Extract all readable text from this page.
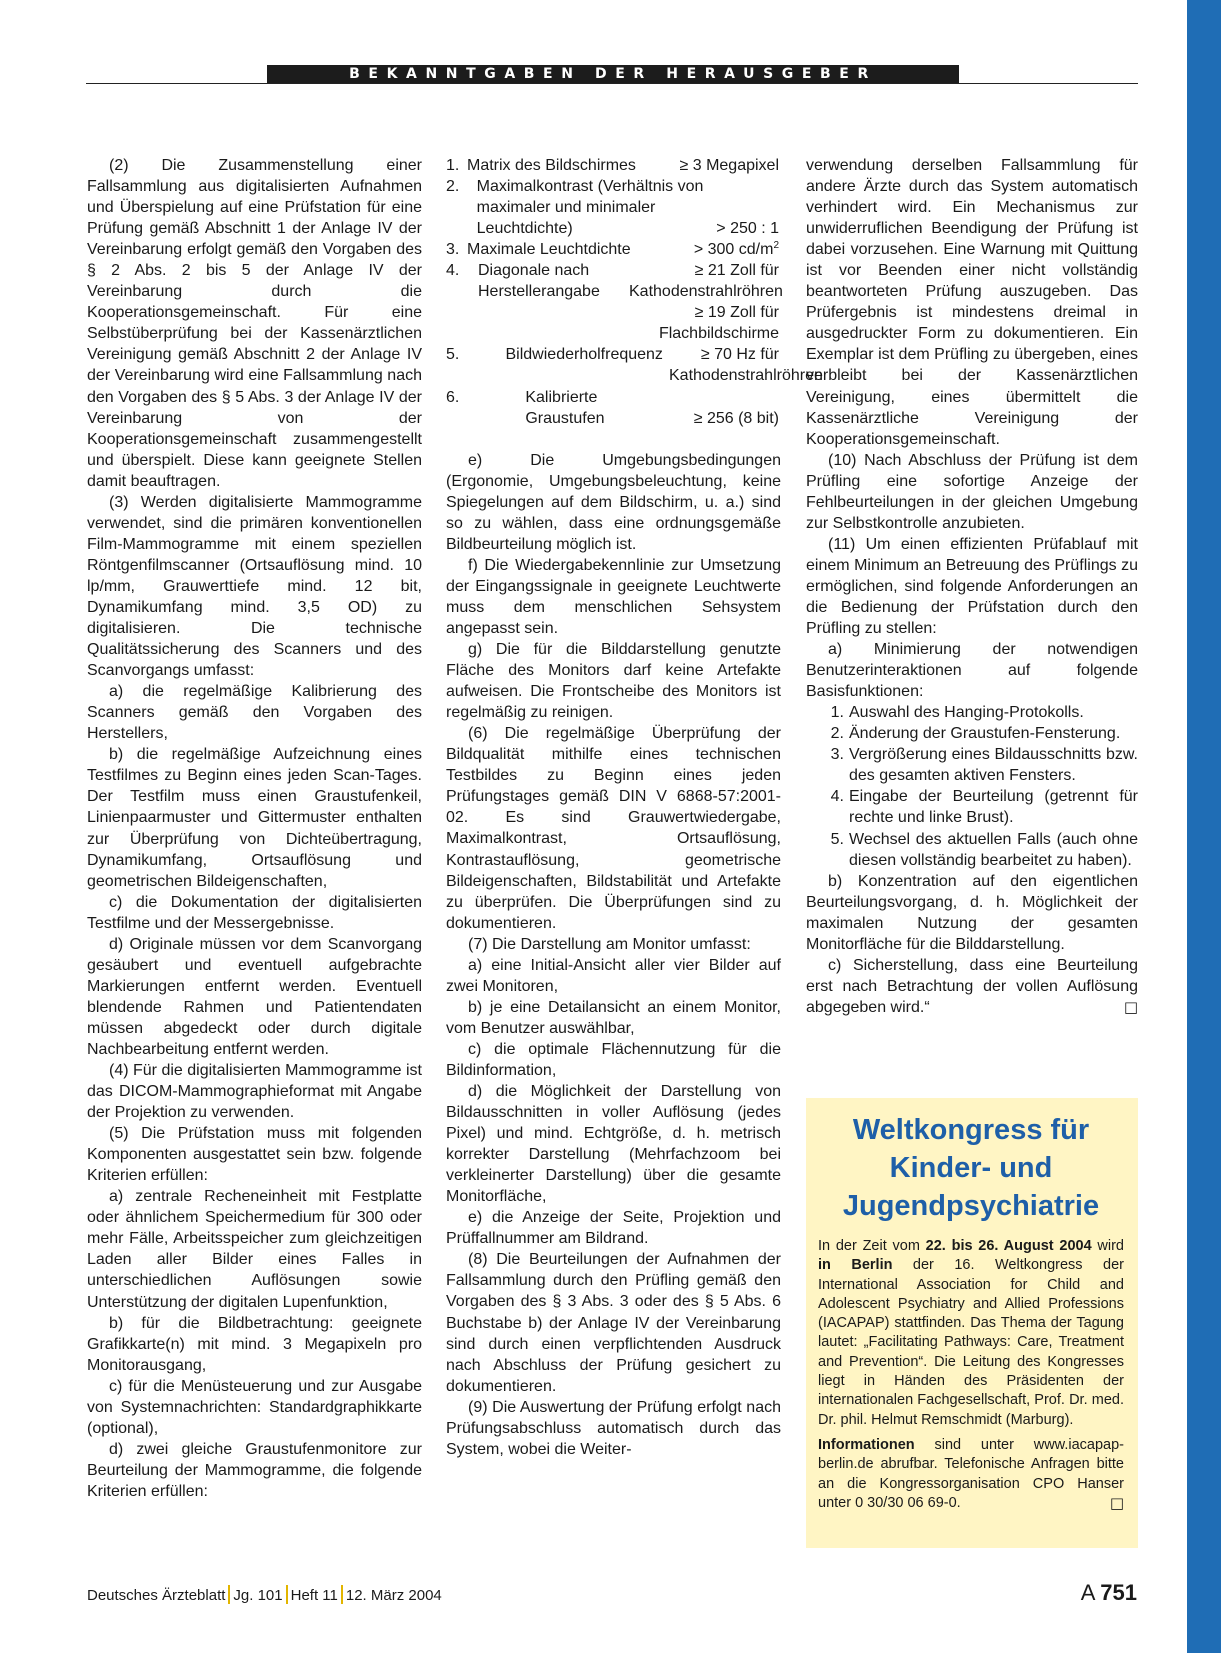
BEKANNTGABEN DER HERAUSGEBER

(2) Die Zusammenstellung einer Fallsammlung aus digitalisierten Aufnahmen und Überspielung auf eine Prüfstation für eine Prüfung gemäß Abschnitt 1 der Anlage IV der Vereinbarung erfolgt gemäß den Vorgaben des § 2 Abs. 2 bis 5 der Anlage IV der Vereinbarung durch die Kooperationsgemeinschaft. Für eine Selbstüberprüfung bei der Kassenärztlichen Vereinigung gemäß Abschnitt 2 der Anlage IV der Vereinbarung wird eine Fallsammlung nach den Vorgaben des § 5 Abs. 3 der Anlage IV der Vereinbarung von der Kooperationsgemeinschaft zusammengestellt und überspielt. Diese kann geeignete Stellen damit beauftragen.

(3) Werden digitalisierte Mammogramme verwendet, sind die primären konventionellen Film-Mammogramme mit einem speziellen Röntgenfilmscanner (Ortsauflösung mind. 10 lp/mm, Grauwerttiefe mind. 12 bit, Dynamikumfang mind. 3,5 OD) zu digitalisieren. Die technische Qualitätssicherung des Scanners und des Scanvorgangs umfasst:

a) die regelmäßige Kalibrierung des Scanners gemäß den Vorgaben des Herstellers,

b) die regelmäßige Aufzeichnung eines Testfilmes zu Beginn eines jeden Scan-Tages. Der Testfilm muss einen Graustufenkeil, Linienpaarmuster und Gittermuster enthalten zur Überprüfung von Dichteübertragung, Dynamikumfang, Ortsauflösung und geometrischen Bildeigenschaften,

c) die Dokumentation der digitalisierten Testfilme und der Messergebnisse.

d) Originale müssen vor dem Scanvorgang gesäubert und eventuell aufgebrachte Markierungen entfernt werden. Eventuell blendende Rahmen und Patientendaten müssen abgedeckt oder durch digitale Nachbearbeitung entfernt werden.

(4) Für die digitalisierten Mammogramme ist das DICOM-Mammographieformat mit Angabe der Projektion zu verwenden.

(5) Die Prüfstation muss mit folgenden Komponenten ausgestattet sein bzw. folgende Kriterien erfüllen:

a) zentrale Recheneinheit mit Festplatte oder ähnlichem Speichermedium für 300 oder mehr Fälle, Arbeitsspeicher zum gleichzeitigen Laden aller Bilder eines Falles in unterschiedlichen Auflösungen sowie Unterstützung der digitalen Lupenfunktion,

b) für die Bildbetrachtung: geeignete Grafikkarte(n) mit mind. 3 Megapixeln pro Monitorausgang,

c) für die Menüsteuerung und zur Ausgabe von Systemnachrichten: Standardgraphikkarte (optional),

d) zwei gleiche Graustufenmonitore zur Beurteilung der Mammogramme, die folgende Kriterien erfüllen:

1. Matrix des Bildschirmes	≥ 3 Megapixel
2.	Maximalkontrast (Verhältnis von maximaler und minimaler Leuchtdichte)	> 250 : 1
3. Maximale Leuchtdichte	> 300 $cd/m^2$
4.	Diagonale nach Herstellerangabe
≥ 21 Zoll für Kathodenstrahlröhren
≥ 19 Zoll für Flachbildschirme
5.	Bildwiederholfrequenz	≥ 70 Hz für Kathodenstrahlröhren
6.	Kalibrierte Graustufen	≥ 256 (8 bit)

e) Die Umgebungsbedingungen (Ergonomie, Umgebungsbeleuchtung, keine Spiegelungen auf dem Bildschirm, u. a.) sind so zu wählen, dass eine ordnungsgemäße Bildbeurteilung möglich ist.

f) Die Wiedergabekennlinie zur Umsetzung der Eingangssignale in geeignete Leuchtwerte muss dem menschlichen Sehsystem angepasst sein.

g) Die für die Bilddarstellung genutzte Fläche des Monitors darf keine Artefakte aufweisen. Die Frontscheibe des Monitors ist regelmäßig zu reinigen.

(6) Die regelmäßige Überprüfung der Bildqualität mithilfe eines technischen Testbildes zu Beginn eines jeden Prüfungstages gemäß DIN V 6868-57:2001-02. Es sind Grauwertwiedergabe, Maximalkontrast, Ortsauflösung, Kontrastauflösung, geometrische Bildeigenschaften, Bildstabilität und Artefakte zu überprüfen. Die Überprüfungen sind zu dokumentieren.

(7) Die Darstellung am Monitor umfasst:

a) eine Initial-Ansicht aller vier Bilder auf zwei Monitoren,

b) je eine Detailansicht an einem Monitor, vom Benutzer auswählbar,

c) die optimale Flächennutzung für die Bildinformation,

d) die Möglichkeit der Darstellung von Bildausschnitten in voller Auflösung (jedes Pixel) und mind. Echtgröße, d. h. metrisch korrekter Darstellung (Mehrfachzoom bei verkleinerter Darstellung) über die gesamte Monitorfläche,

e) die Anzeige der Seite, Projektion und Prüffallnummer am Bildrand.

(8) Die Beurteilungen der Aufnahmen der Fallsammlung durch den Prüfling gemäß den Vorgaben des § 3 Abs. 3 oder des § 5 Abs. 6 Buchstabe b) der Anlage IV der Vereinbarung sind durch einen verpflichtenden Ausdruck nach Abschluss der Prüfung gesichert zu dokumentieren.

(9) Die Auswertung der Prüfung erfolgt nach Prüfungsabschluss automatisch durch das System, wobei die Weiter-

verwendung derselben Fallsammlung für andere Ärzte durch das System automatisch verhindert wird. Ein Mechanismus zur unwiderruflichen Beendigung der Prüfung ist dabei vorzusehen. Eine Warnung mit Quittung ist vor Beenden einer nicht vollständig beantworteten Prüfung auszugeben. Das Prüfergebnis ist mindestens dreimal in ausgedruckter Form zu dokumentieren. Ein Exemplar ist dem Prüfling zu übergeben, eines verbleibt bei der Kassenärztlichen Vereinigung, eines übermittelt die Kassenärztliche Vereinigung der Kooperationsgemeinschaft.

(10) Nach Abschluss der Prüfung ist dem Prüfling eine sofortige Anzeige der Fehlbeurteilungen in der gleichen Umgebung zur Selbstkontrolle anzubieten.

(11) Um einen effizienten Prüfablauf mit einem Minimum an Betreuung des Prüflings zu ermöglichen, sind folgende Anforderungen an die Bedienung der Prüfstation durch den Prüfling zu stellen:

a) Minimierung der notwendigen Benutzerinteraktionen auf folgende Basisfunktionen:

1. Auswahl des Hanging-Protokolls.
2. Änderung der Graustufen-Fensterung.
3. Vergrößerung eines Bildausschnitts bzw. des gesamten aktiven Fensters.
4. Eingabe der Beurteilung (getrennt für rechte und linke Brust).
5. Wechsel des aktuellen Falls (auch ohne diesen vollständig bearbeitet zu haben).

b) Konzentration auf den eigentlichen Beurteilungsvorgang, d. h. Möglichkeit der maximalen Nutzung der gesamten Monitorfläche für die Bilddarstellung.

c) Sicherstellung, dass eine Beurteilung erst nach Betrachtung der vollen Auflösung abgegeben wird.“	□

Weltkongress für Kinder- und Jugendpsychiatrie

In der Zeit vom 22. bis 26. August 2004 wird in Berlin der 16. Weltkongress der International Association for Child and Adolescent Psychiatry and Allied Professions (IACAPAP) stattfinden. Das Thema der Tagung lautet: „Facilitating Pathways: Care, Treatment and Prevention“. Die Leitung des Kongresses liegt in Händen des Präsidenten der internationalen Fachgesellschaft, Prof. Dr. med. Dr. phil. Helmut Remschmidt (Marburg).

Informationen sind unter www.iacapap-berlin.de abrufbar. Telefonische Anfragen bitte an die Kongressorganisation CPO Hanser unter 0 30/30 06 69-0.	□

Deutsches Ärzteblatt Jg. 101 Heft 11 12. März 2004	A 751
